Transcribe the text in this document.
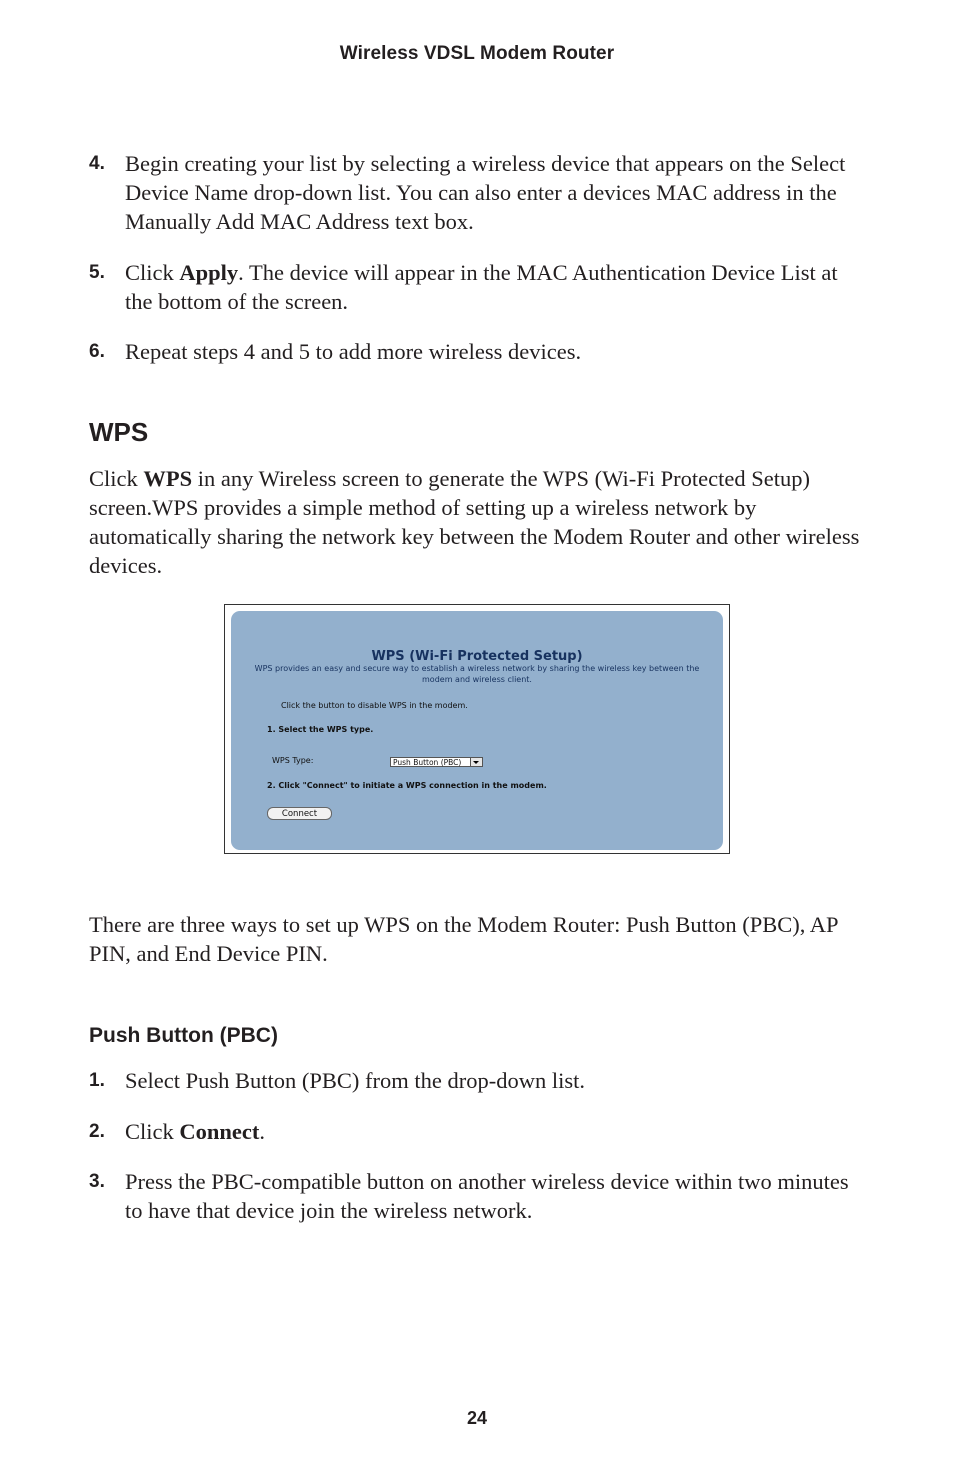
Wireless VDSL Modem Router
4. Begin creating your list by selecting a wireless device that appears on the Select Device Name drop-down list. You can also enter a devices MAC address in the Manually Add MAC Address text box.
5. Click Apply. The device will appear in the MAC Authentication Device List at the bottom of the screen.
6. Repeat steps 4 and 5 to add more wireless devices.
WPS
Click WPS in any Wireless screen to generate the WPS (Wi-Fi Protected Setup) screen.WPS provides a simple method of setting up a wireless network by automatically sharing the network key between the Modem Router and other wireless devices.
WPS (Wi-Fi Protected Setup)
WPS provides an easy and secure way to establish a wireless network by sharing the wireless key between the modem and wireless client.
Click the button to disable WPS in the modem.
1. Select the WPS type.
WPS Type:	Push Button (PBC)
2. Click "Connect" to initiate a WPS connection in the modem.
Connect
There are three ways to set up WPS on the Modem Router: Push Button (PBC), AP PIN, and End Device PIN.
Push Button (PBC)
1. Select Push Button (PBC) from the drop-down list.
2. Click Connect.
3. Press the PBC-compatible button on another wireless device within two minutes to have that device join the wireless network.
24
